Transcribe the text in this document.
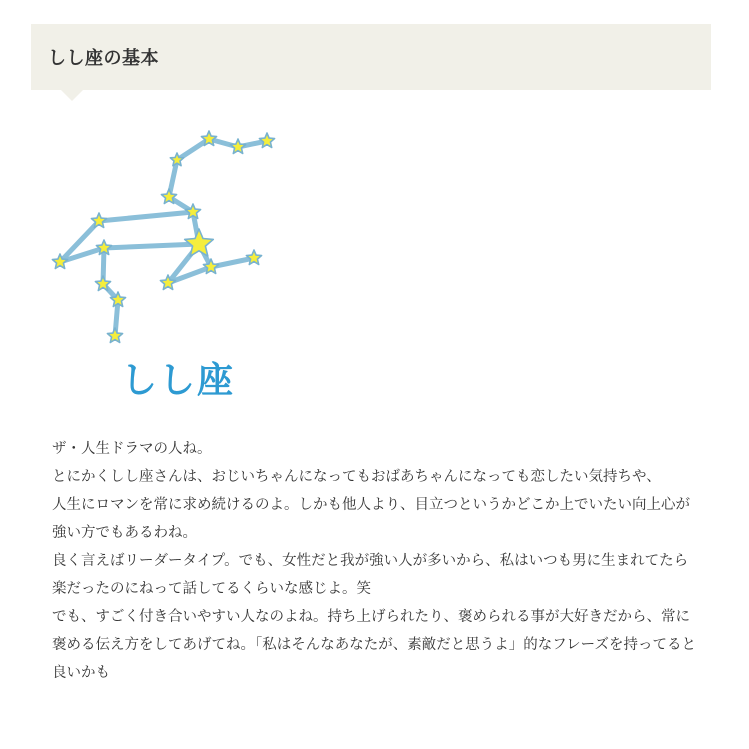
しし座の基本
しし座

ザ・人生ドラマの人ね。

とにかくしし座さんは、おじいちゃんになってもおばあちゃんになっても恋したい気持ちや、

人生にロマンを常に求め続けるのよ。しかも他人より、目立つというかどこか上でいたい向上心が強い方でもあるわね。

良く言えばリーダータイプ。でも、女性だと我が強い人が多いから、私はいつも男に生まれてたら楽だったのにねって話してるくらいな感じよ。笑

でも、すごく付き合いやすい人なのよね。持ち上げられたり、褒められる事が大好きだから、常に褒める伝え方をしてあげてね。「私はそんなあなたが、素敵だと思うよ」的なフレーズを持ってると良いかも
